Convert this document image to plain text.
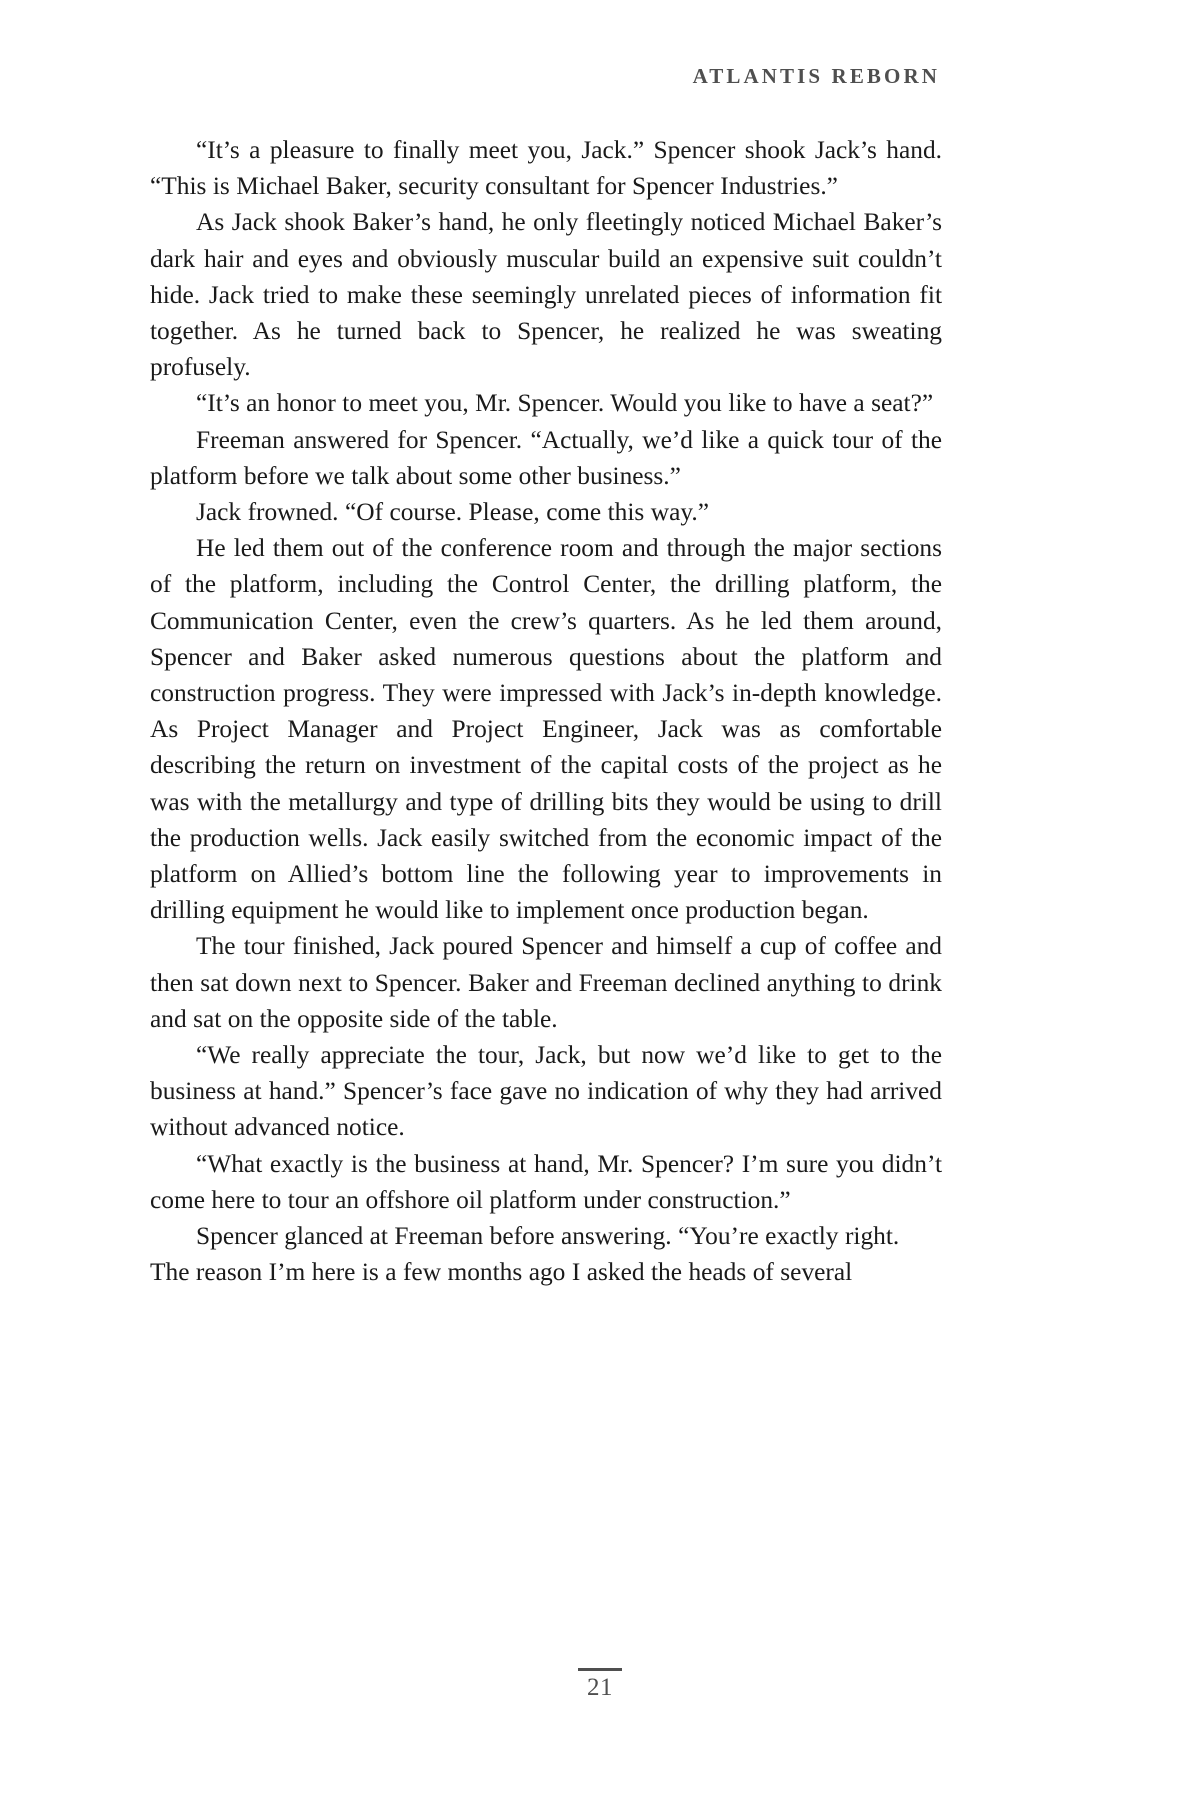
ATLANTIS REBORN

“It’s a pleasure to finally meet you, Jack.” Spencer shook Jack’s hand. “This is Michael Baker, security consultant for Spencer Industries.”

As Jack shook Baker’s hand, he only fleetingly noticed Michael Baker’s dark hair and eyes and obviously muscular build an expensive suit couldn’t hide. Jack tried to make these seemingly unrelated pieces of information fit together. As he turned back to Spencer, he realized he was sweating profusely.

“It’s an honor to meet you, Mr. Spencer. Would you like to have a seat?”

Freeman answered for Spencer. “Actually, we’d like a quick tour of the platform before we talk about some other business.”

Jack frowned. “Of course. Please, come this way.”

He led them out of the conference room and through the major sections of the platform, including the Control Center, the drilling platform, the Communication Center, even the crew’s quarters. As he led them around, Spencer and Baker asked numerous questions about the platform and construction progress. They were impressed with Jack’s in-depth knowledge. As Project Manager and Project Engineer, Jack was as comfortable describing the return on investment of the capital costs of the project as he was with the metallurgy and type of drilling bits they would be using to drill the production wells. Jack easily switched from the economic impact of the platform on Allied’s bottom line the following year to improvements in drilling equipment he would like to implement once production began.

The tour finished, Jack poured Spencer and himself a cup of coffee and then sat down next to Spencer. Baker and Freeman declined anything to drink and sat on the opposite side of the table.

“We really appreciate the tour, Jack, but now we’d like to get to the business at hand.” Spencer’s face gave no indication of why they had arrived without advanced notice.

“What exactly is the business at hand, Mr. Spencer? I’m sure you didn’t come here to tour an offshore oil platform under construction.”

Spencer glanced at Freeman before answering. “You’re exactly right. The reason I’m here is a few months ago I asked the heads of several

21
